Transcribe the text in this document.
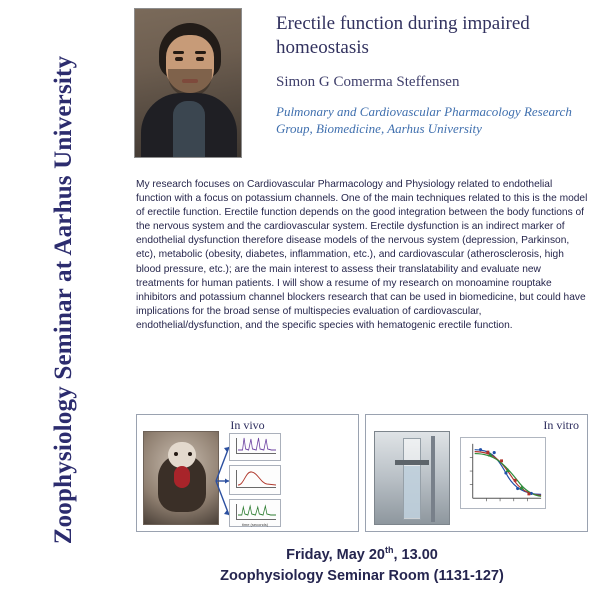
Zoophysiology Seminar at Aarhus University
Erectile function during impaired homeostasis
Simon G Comerma Steffensen
Pulmonary and Cardiovascular Pharmacology Research Group, Biomedicine, Aarhus University

My research focuses on Cardiovascular Pharmacology and Physiology related to endothelial function with a focus on potassium channels. One of the main techniques related to this is the model of erectile function. Erectile function depends on the good integration between the body functions of the nervous system and the cardiovascular system. Erectile dysfunction is an indirect marker of endothelial dysfunction therefore disease models of the nervous system (depression, Parkinson, etc), metabolic (obesity, diabetes, inflammation, etc.), and cardiovascular (atherosclerosis, high blood pressure, etc.); are the main interest to assess their translatability and evaluate new treatments for human patients. I will show a resume of my research on monoamine rouptake inhibitors and potassium channel blockers research that can be used in biomedicine, but could have implications for the broad sense of multispecies evaluation of cardiovascular, endothelial/dysfunction, and the specific species with hematogenic erectile function.

In vivo
time (seconds)
In vitro
Friday, May 20th, 13.00
Zoophysiology Seminar Room (1131-127)
